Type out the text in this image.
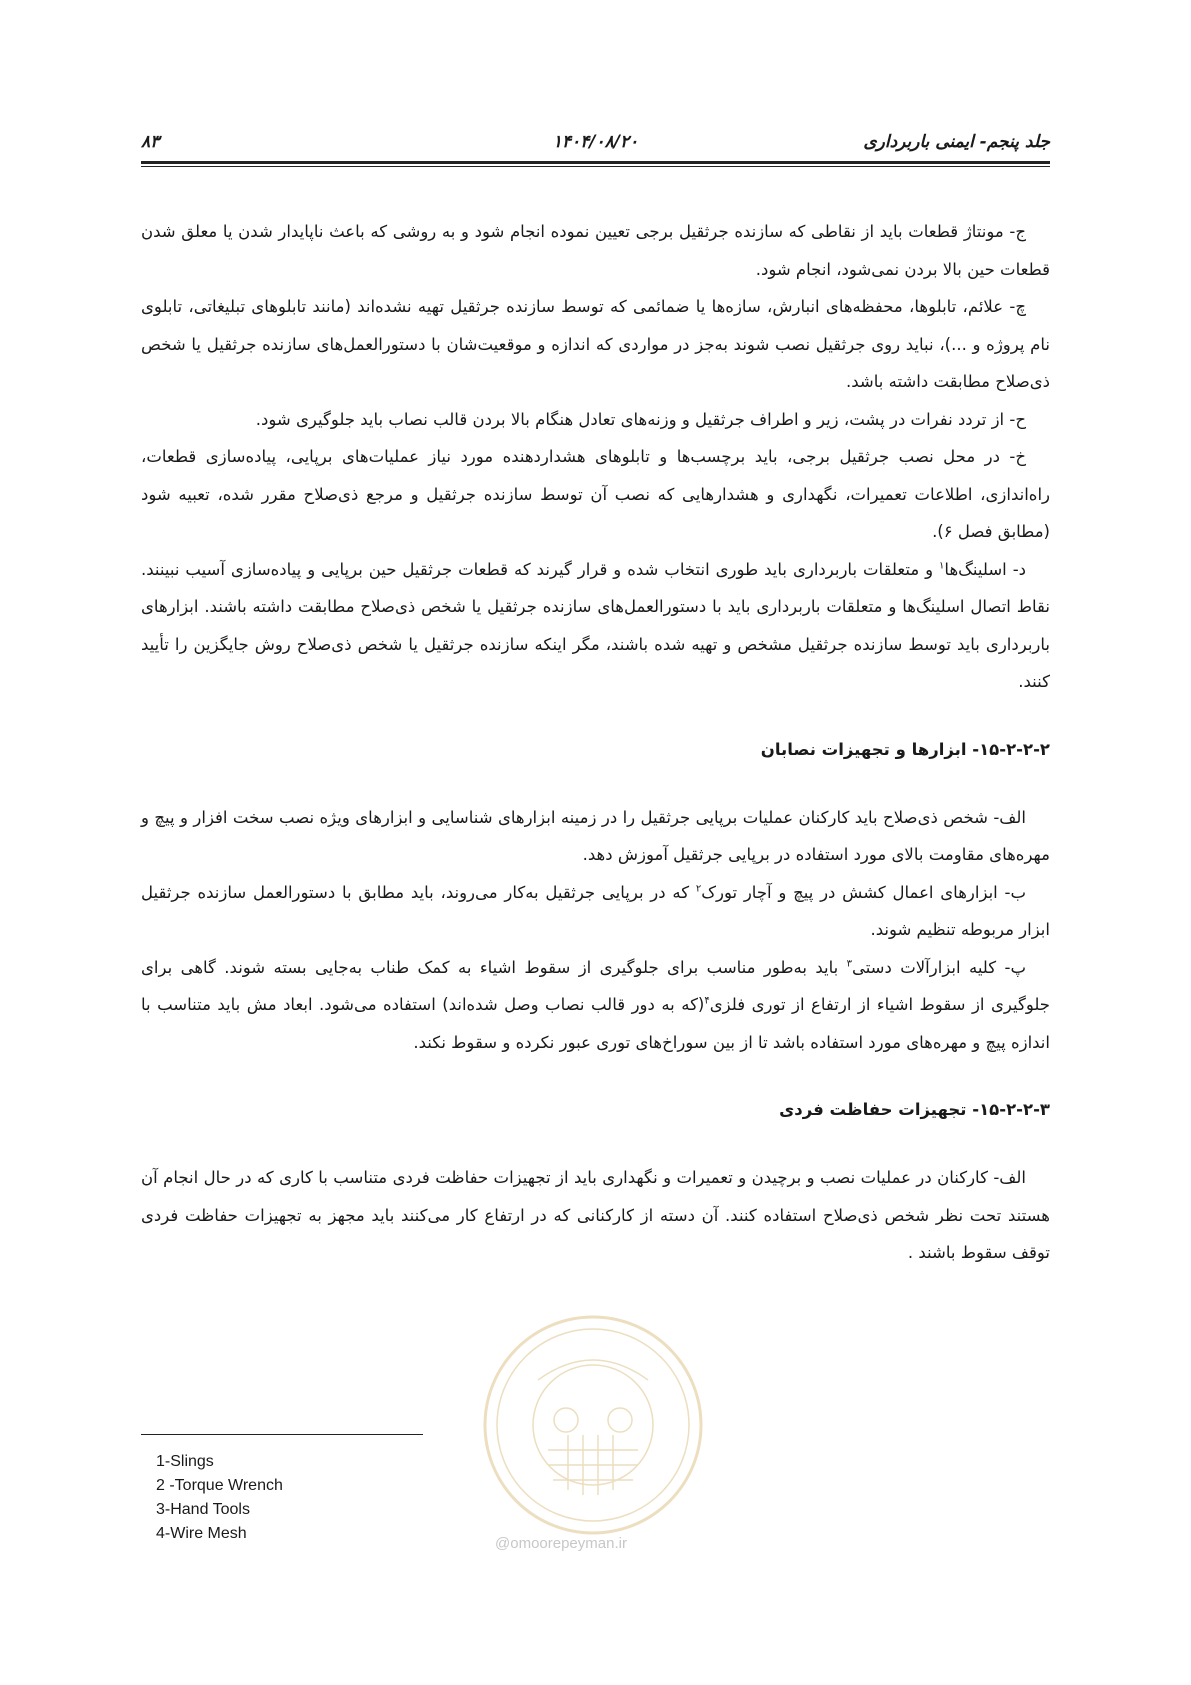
جلد پنجم- ایمنی باربرداری
۱۴۰۴/۰۸/۲۰
۸۳

ج- مونتاژ قطعات باید از نقاطی که سازنده جرثقیل برجی تعیین نموده انجام شود و به روشی که باعث ناپایدار شدن یا معلق شدن قطعات حین بالا بردن نمی‌شود، انجام شود.

چ- علائم، تابلوها، محفظه‌های انبارش، سازه‌ها یا ضمائمی که توسط سازنده جرثقیل تهیه نشده‌اند (مانند تابلوهای تبلیغاتی، تابلوی نام پروژه و ...)، نباید روی جرثقیل نصب شوند به‌جز در مواردی که اندازه و موقعیت‌شان با دستورالعمل‌های سازنده جرثقیل یا شخص ذی‌صلاح مطابقت داشته باشد.

ح- از تردد نفرات در پشت، زیر و اطراف جرثقیل و وزنه‌های تعادل هنگام بالا بردن قالب نصاب باید جلوگیری شود.

خ- در محل نصب جرثقیل برجی، باید برچسب‌ها و تابلوهای هشداردهنده مورد نیاز عملیات‌های برپایی، پیاده‌سازی قطعات، راه‌اندازی، اطلاعات تعمیرات، نگهداری و هشدارهایی که نصب آن توسط سازنده جرثقیل و مرجع ذی‌صلاح مقرر شده، تعبیه شود (مطابق فصل ۶).

د- اسلینگ‌ها$^۱$ و متعلقات باربرداری باید طوری انتخاب شده و قرار گیرند که قطعات جرثقیل حین برپایی و پیاده‌سازی آسیب نبینند. نقاط اتصال اسلینگ‌ها و متعلقات باربرداری باید با دستورالعمل‌های سازنده جرثقیل یا شخص ذی‌صلاح مطابقت داشته باشند. ابزارهای باربرداری باید توسط سازنده جرثقیل مشخص و تهیه شده باشند، مگر اینکه سازنده جرثقیل یا شخص ذی‌صلاح روش جایگزین را تأیید کنند.

۱۵-۲-۲-۲- ابزارها و تجهیزات نصابان

الف- شخص ذی‌صلاح باید کارکنان عملیات برپایی جرثقیل را در زمینه ابزارهای شناسایی و ابزارهای ویژه نصب سخت افزار و پیچ و مهره‌های مقاومت بالای مورد استفاده در برپایی جرثقیل آموزش دهد.

ب- ابزارهای اعمال کشش در پیچ و آچار تورک$^۲$ که در برپایی جرثقیل به‌کار می‌روند، باید مطابق با دستورالعمل سازنده جرثقیل ابزار مربوطه تنظیم شوند.

پ- کلیه ابزارآلات دستی$^۳$ باید به‌طور مناسب برای جلوگیری از سقوط اشیاء به کمک طناب به‌جایی بسته شوند. گاهی برای جلوگیری از سقوط اشیاء از ارتفاع از توری فلزی$^۴$(که به دور قالب نصاب وصل شده‌اند) استفاده می‌شود. ابعاد مش باید متناسب با اندازه پیچ و مهره‌های مورد استفاده باشد تا از بین سوراخ‌های توری عبور نکرده و سقوط نکند.

۱۵-۲-۲-۳- تجهیزات حفاظت فردی

الف- کارکنان در عملیات نصب و برچیدن و تعمیرات و نگهداری باید از تجهیزات حفاظت فردی متناسب با کاری که در حال انجام آن هستند تحت نظر شخص ذی‌صلاح استفاده کنند. آن دسته از کارکنانی که در ارتفاع کار می‌کنند باید مجهز به تجهیزات حفاظت فردی توقف سقوط باشند .

@omoorepeyman.ir
1-Slings
2 -Torque Wrench
3-Hand Tools
4-Wire Mesh
